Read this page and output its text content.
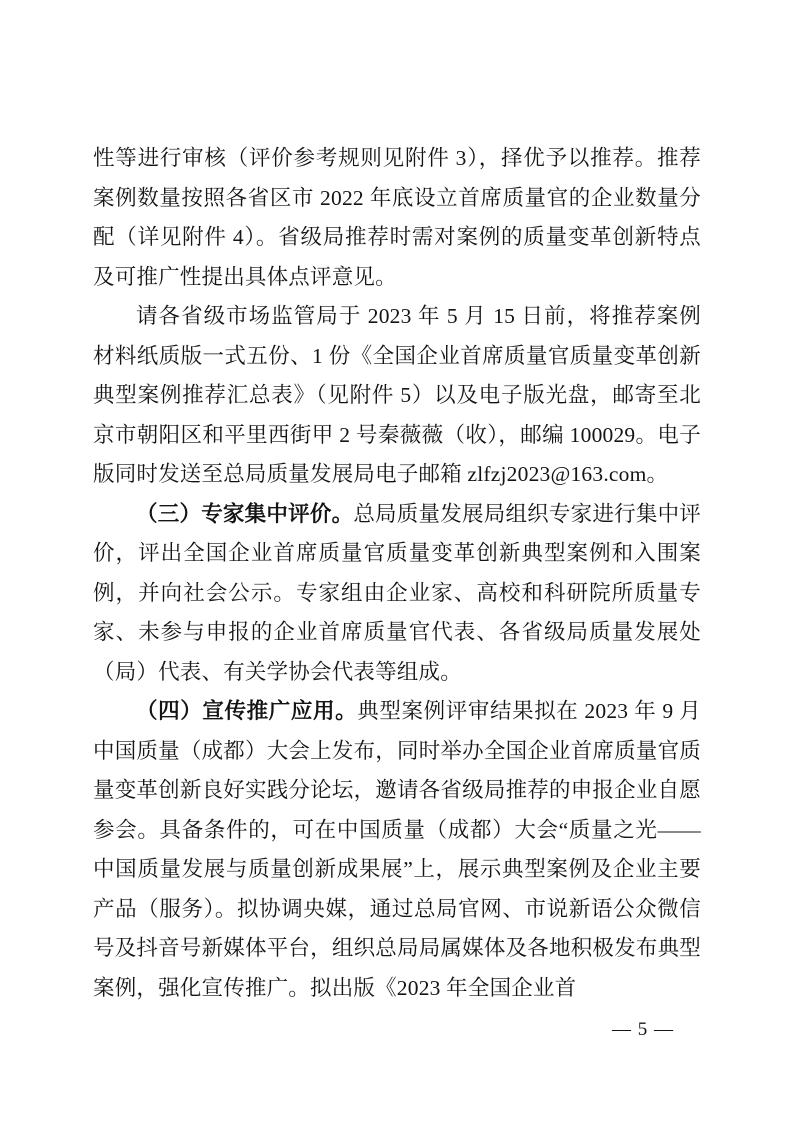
性等进行审核（评价参考规则见附件 3），择优予以推荐。推荐案例数量按照各省区市 2022 年底设立首席质量官的企业数量分配（详见附件 4）。省级局推荐时需对案例的质量变革创新特点及可推广性提出具体点评意见。

请各省级市场监管局于 2023 年 5 月 15 日前，将推荐案例材料纸质版一式五份、1 份《全国企业首席质量官质量变革创新典型案例推荐汇总表》（见附件 5）以及电子版光盘，邮寄至北京市朝阳区和平里西街甲 2 号秦薇薇（收），邮编 100029。电子版同时发送至总局质量发展局电子邮箱 zlfzj2023@163.com。

（三）专家集中评价。总局质量发展局组织专家进行集中评价，评出全国企业首席质量官质量变革创新典型案例和入围案例，并向社会公示。专家组由企业家、高校和科研院所质量专家、未参与申报的企业首席质量官代表、各省级局质量发展处（局）代表、有关学协会代表等组成。

（四）宣传推广应用。典型案例评审结果拟在 2023 年 9 月中国质量（成都）大会上发布，同时举办全国企业首席质量官质量变革创新良好实践分论坛，邀请各省级局推荐的申报企业自愿参会。具备条件的，可在中国质量（成都）大会“质量之光——中国质量发展与质量创新成果展”上，展示典型案例及企业主要产品（服务）。拟协调央媒，通过总局官网、市说新语公众微信号及抖音号新媒体平台，组织总局局属媒体及各地积极发布典型案例，强化宣传推广。拟出版《2023 年全国企业首

— 5 —
